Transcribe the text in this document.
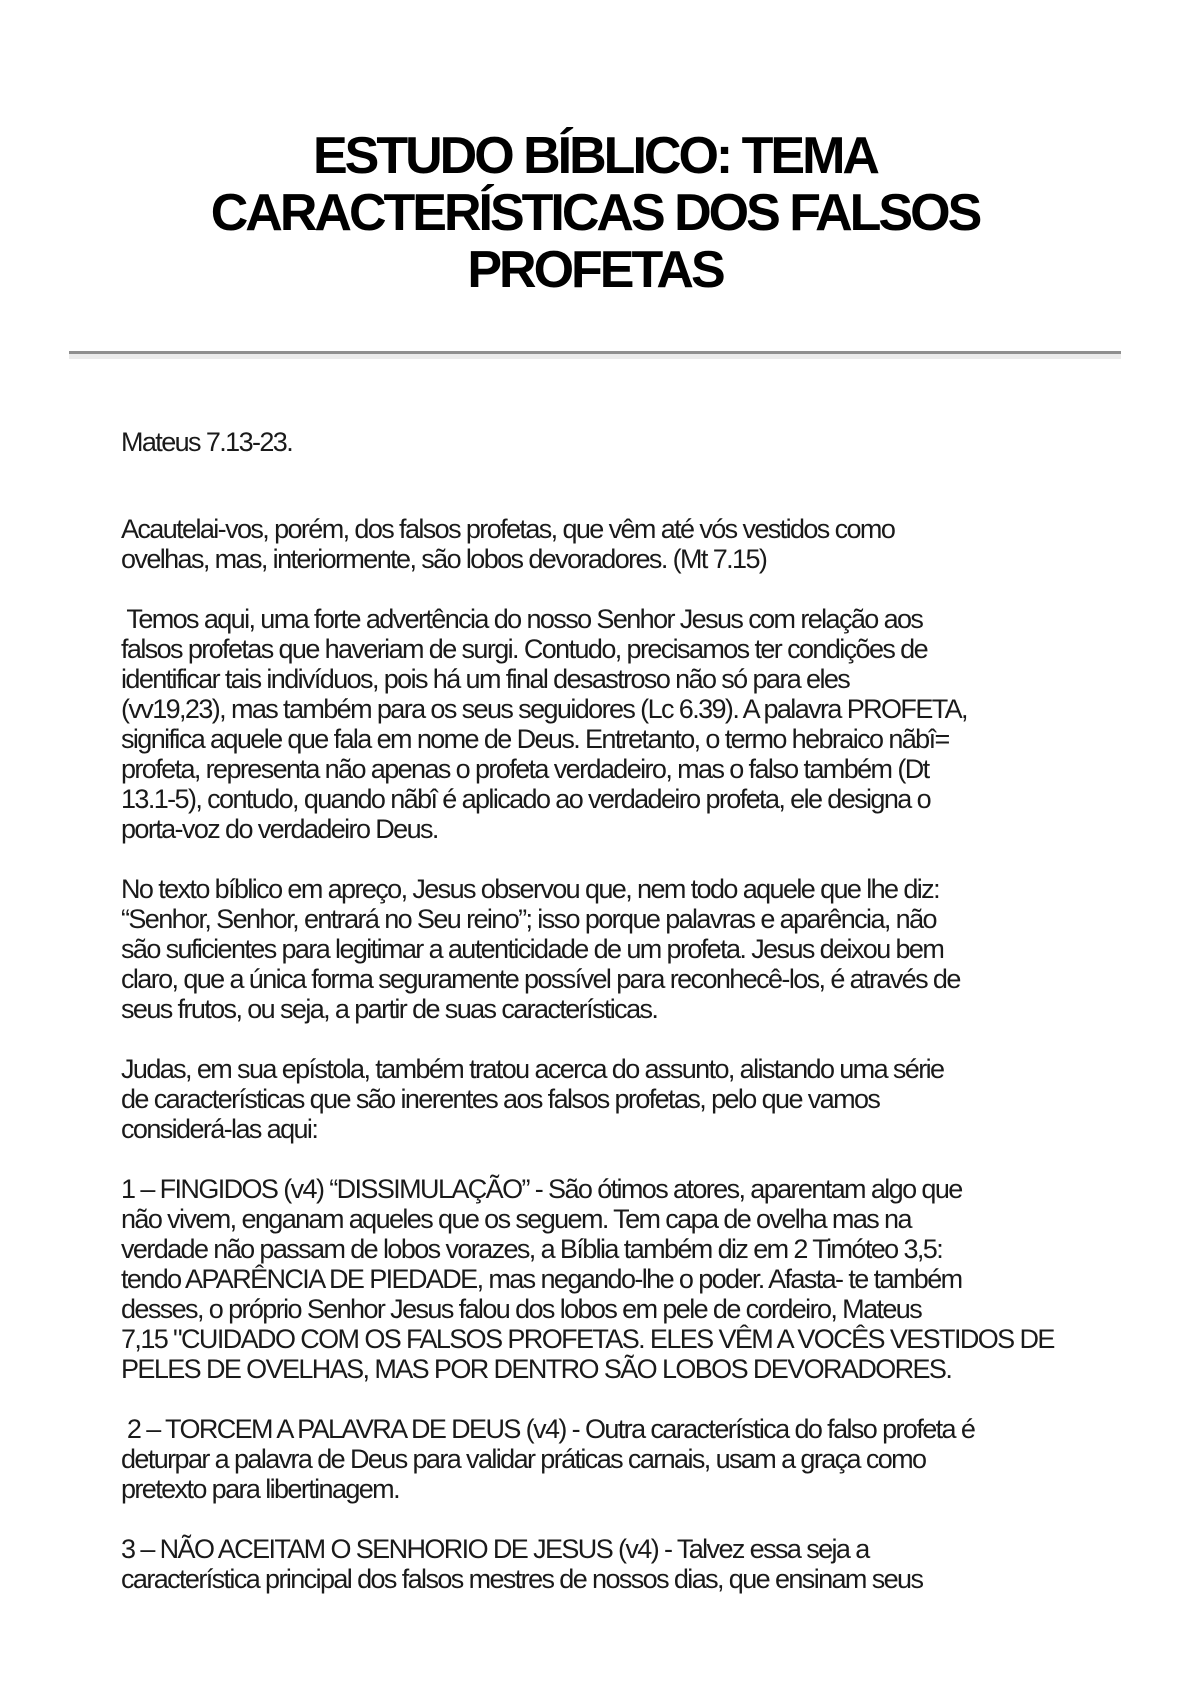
ESTUDO BÍBLICO: TEMA
CARACTERÍSTICAS DOS FALSOS
PROFETAS
Mateus 7.13-23.
Acautelai-vos, porém, dos falsos profetas, que vêm até vós vestidos como
ovelhas, mas, interiormente, são lobos devoradores. (Mt 7.15)
Temos aqui, uma forte advertência do nosso Senhor Jesus com relação aos
falsos profetas que haveriam de surgi. Contudo, precisamos ter condições de
identificar tais indivíduos, pois há um final desastroso não só para eles
(vv19,23), mas também para os seus seguidores (Lc 6.39). A palavra PROFETA,
significa aquele que fala em nome de Deus. Entretanto, o termo hebraico nãbî=
profeta, representa não apenas o profeta verdadeiro, mas o falso também (Dt
13.1-5), contudo, quando nãbî é aplicado ao verdadeiro profeta, ele designa o
porta-voz do verdadeiro Deus.
No texto bíblico em apreço, Jesus observou que, nem todo aquele que lhe diz:
“Senhor, Senhor, entrará no Seu reino”; isso porque palavras e aparência, não
são suficientes para legitimar a autenticidade de um profeta. Jesus deixou bem
claro, que a única forma seguramente possível para reconhecê-los, é através de
seus frutos, ou seja, a partir de suas características.
Judas, em sua epístola, também tratou acerca do assunto, alistando uma série
de características que são inerentes aos falsos profetas, pelo que vamos
considerá-las aqui:
1 – FINGIDOS (v4) “DISSIMULAÇÃO” - São ótimos atores, aparentam algo que
não vivem, enganam aqueles que os seguem. Tem capa de ovelha mas na
verdade não passam de lobos vorazes, a Bíblia também diz em 2 Timóteo 3,5:
tendo APARÊNCIA DE PIEDADE, mas negando-lhe o poder. Afasta- te também
desses, o próprio Senhor Jesus falou dos lobos em pele de cordeiro, Mateus
7,15 "CUIDADO COM OS FALSOS PROFETAS. ELES VÊM A VOCÊS VESTIDOS DE
PELES DE OVELHAS, MAS POR DENTRO SÃO LOBOS DEVORADORES.
2 – TORCEM A PALAVRA DE DEUS (v4) - Outra característica do falso profeta é
deturpar a palavra de Deus para validar práticas carnais, usam a graça como
pretexto para libertinagem.
3 – NÃO ACEITAM O SENHORIO DE JESUS (v4) - Talvez essa seja a
característica principal dos falsos mestres de nossos dias, que ensinam seus
